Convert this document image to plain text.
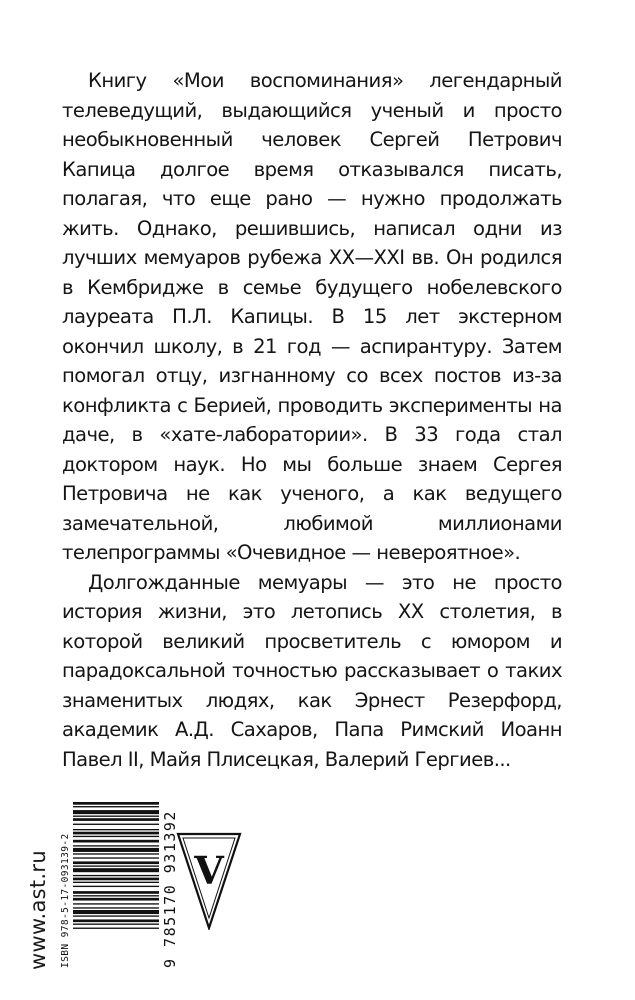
Книгу «Мои воспоминания» легендарный телеведущий, выдающийся ученый и просто необыкновенный человек Сергей Петрович Капица долгое время отказывался писать, полагая, что еще рано — нужно продолжать жить. Однако, решившись, написал одни из лучших мемуаров рубежа XX—XXI вв. Он родился в Кембридже в семье будущего нобелевского лауреата П.Л. Капицы. В 15 лет экстерном окончил школу, в 21 год — аспирантуру. Затем помогал отцу, изгнанному со всех постов из-за конфликта с Берией, проводить эксперименты на даче, в «хате-лаборатории». В 33 года стал доктором наук. Но мы больше знаем Сергея Петровича не как ученого, а как ведущего замечательной, любимой миллионами телепрограммы «Очевидное — невероятное».

Долгожданные мемуары — это не просто история жизни, это летопись XX столетия, в которой великий просветитель с юмором и парадоксальной точностью рассказывает о таких знаменитых людях, как Эрнест Резерфорд, академик А.Д. Сахаров, Папа Римский Иоанн Павел II, Майя Плисецкая, Валерий Гергиев...

www.ast.ru	ISBN 978-5-17-093139-2	9 785170 931392 V
